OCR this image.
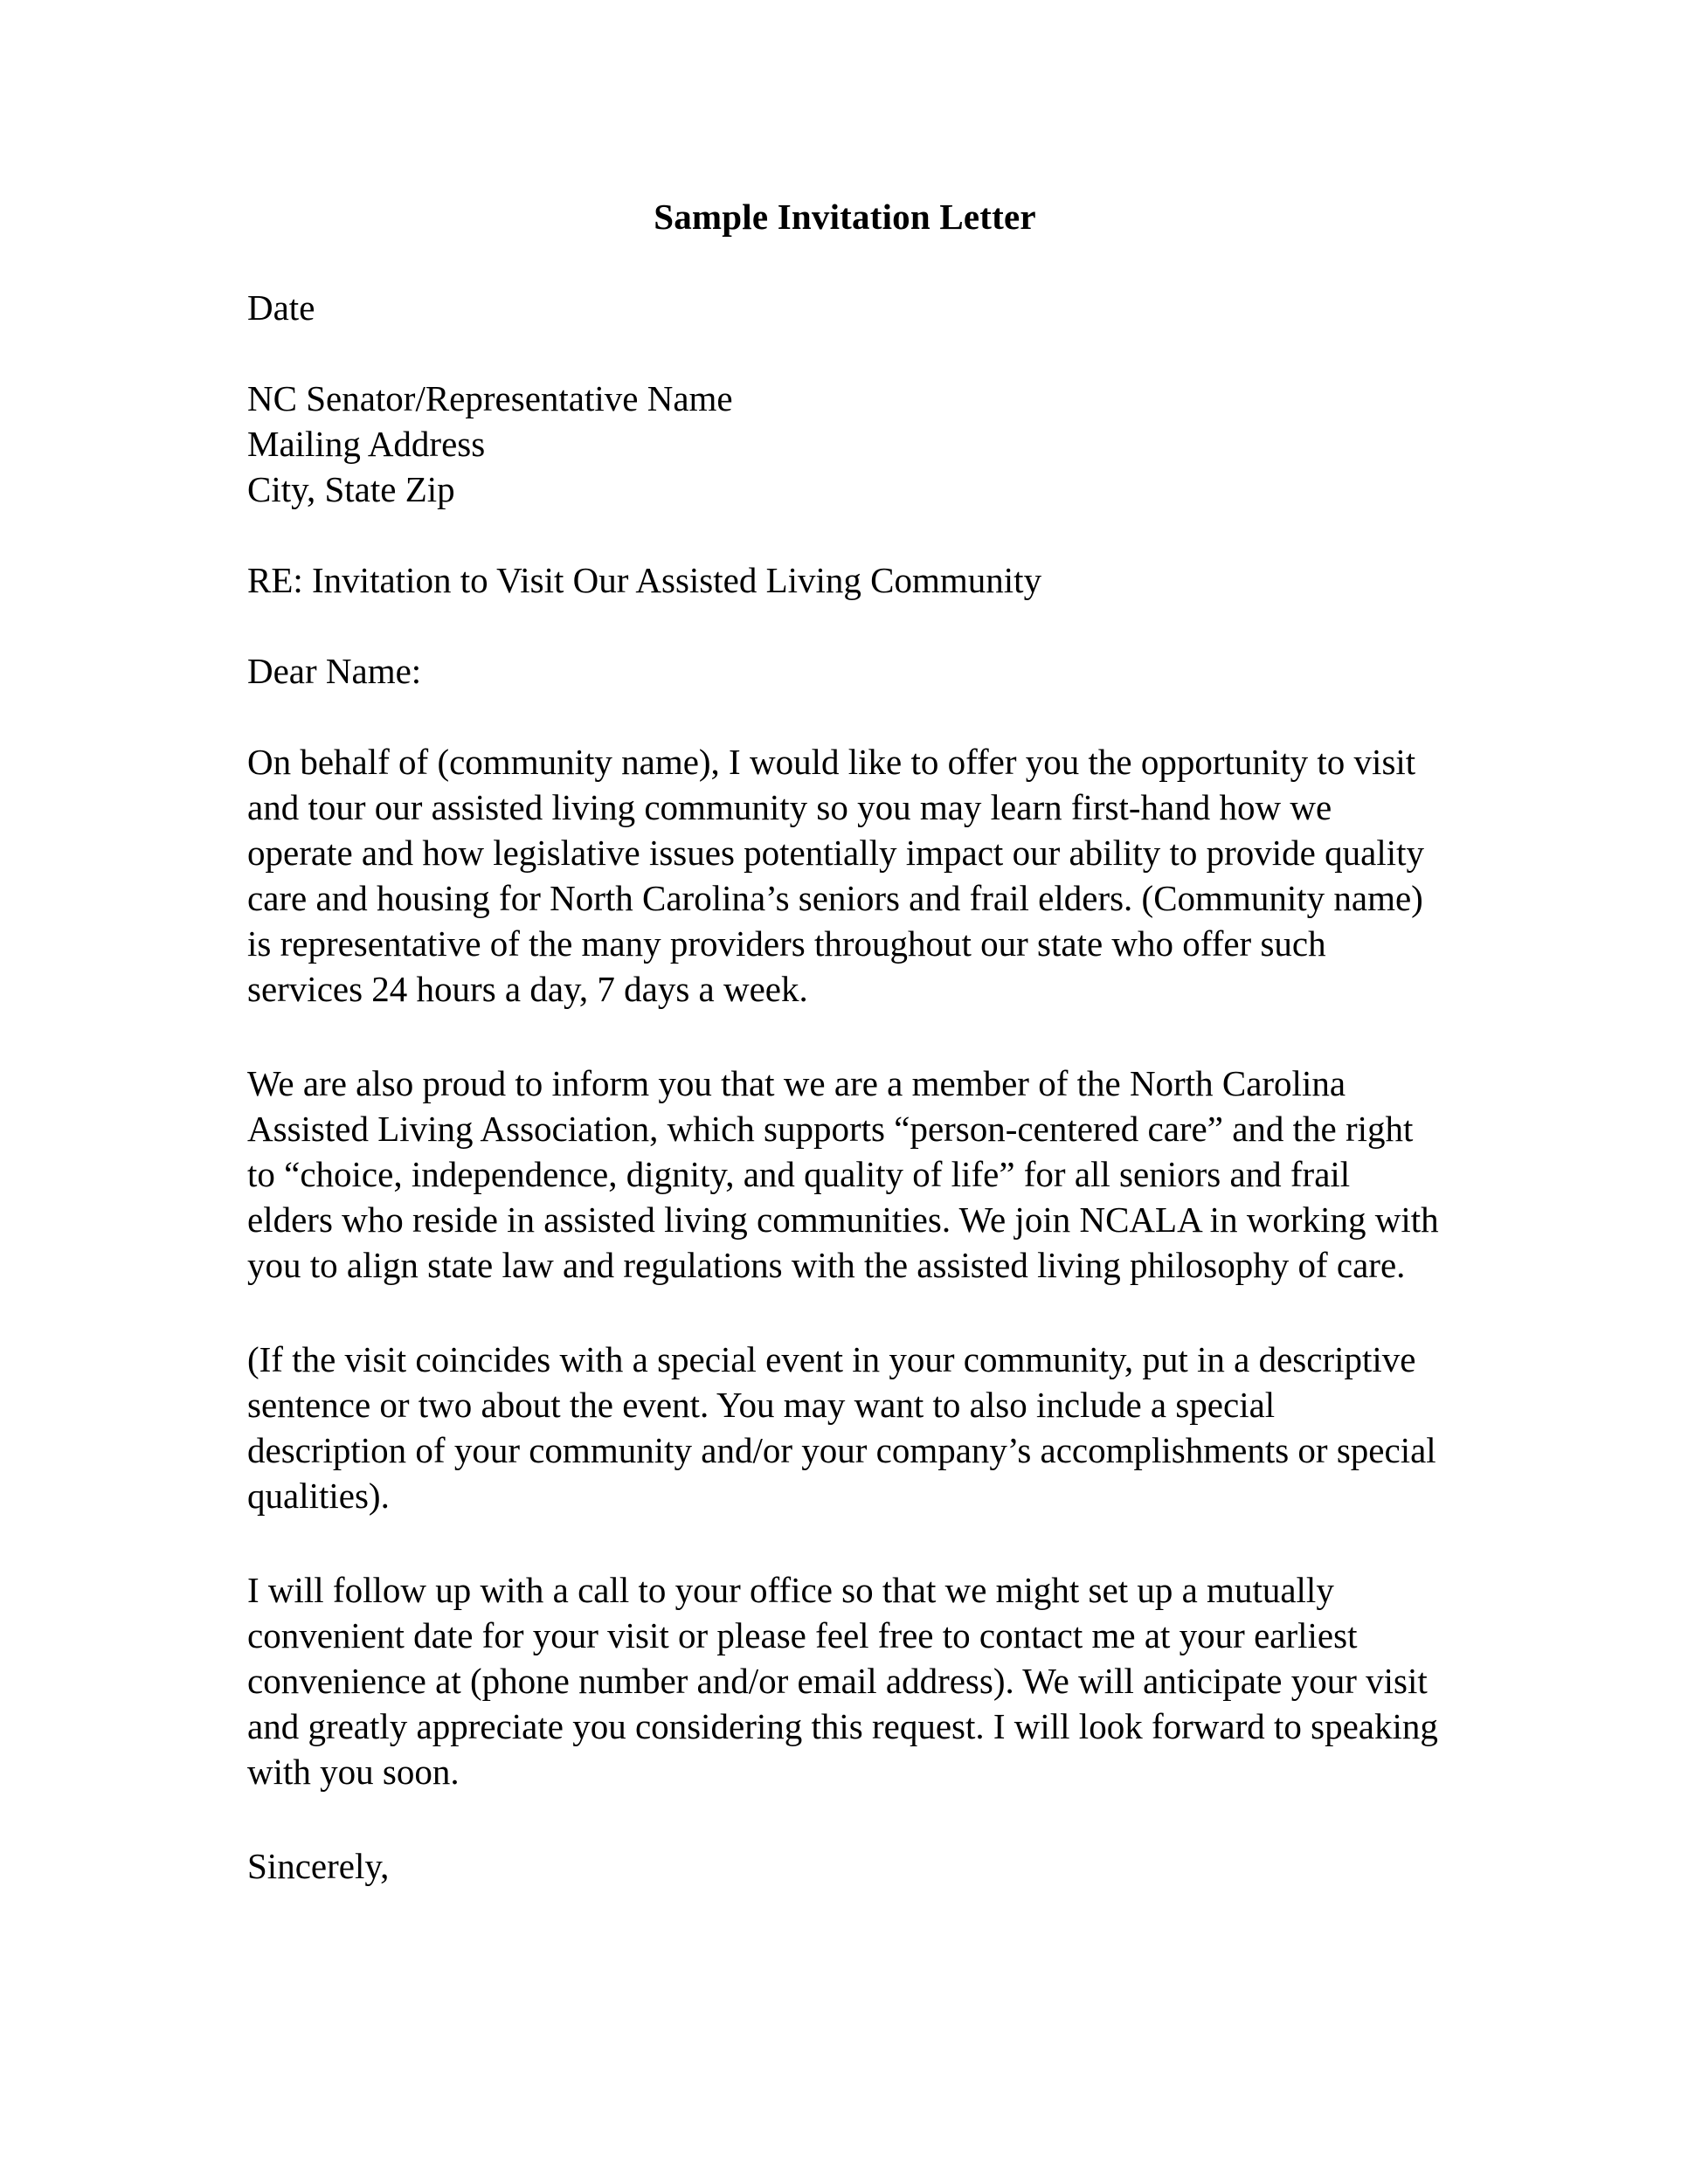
Sample Invitation Letter
Date
NC Senator/Representative Name
Mailing Address
City, State Zip
RE: Invitation to Visit Our Assisted Living Community
Dear Name:

On behalf of (community name), I would like to offer you the opportunity to visit and tour our assisted living community so you may learn first-hand how we operate and how legislative issues potentially impact our ability to provide quality care and housing for North Carolina’s seniors and frail elders. (Community name) is representative of the many providers throughout our state who offer such services 24 hours a day, 7 days a week.

We are also proud to inform you that we are a member of the North Carolina Assisted Living Association, which supports “person-centered care” and the right to “choice, independence, dignity, and quality of life” for all seniors and frail elders who reside in assisted living communities. We join NCALA in working with you to align state law and regulations with the assisted living philosophy of care.

(If the visit coincides with a special event in your community, put in a descriptive sentence or two about the event. You may want to also include a special description of your community and/or your company’s accomplishments or special qualities).

I will follow up with a call to your office so that we might set up a mutually convenient date for your visit or please feel free to contact me at your earliest convenience at (phone number and/or email address). We will anticipate your visit and greatly appreciate you considering this request. I will look forward to speaking with you soon.

Sincerely,
